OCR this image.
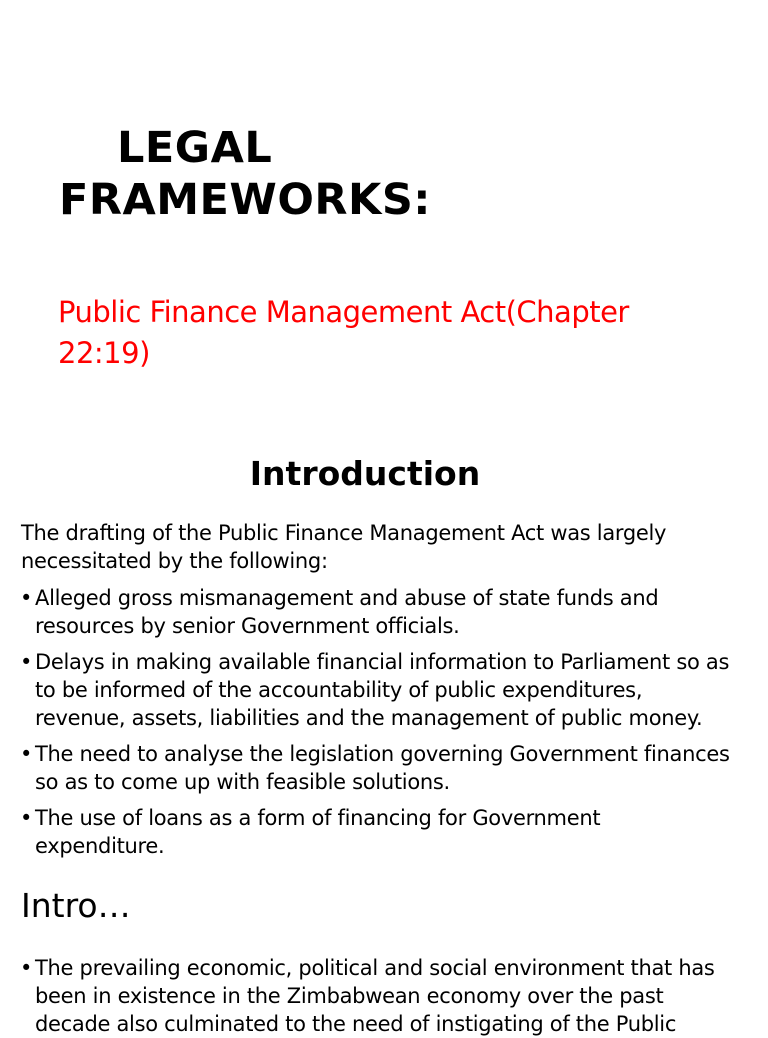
LEGAL
FRAMEWORKS:

Public Finance Management Act(Chapter
22:19)

Introduction

The drafting of the Public Finance Management Act was largely
necessitated by the following:

• Alleged gross mismanagement and abuse of state funds and
resources by senior Government officials.
• Delays in making available financial information to Parliament so as
to be informed of the accountability of public expenditures,
revenue, assets, liabilities and the management of public money.
• The need to analyse the legislation governing Government finances
so as to come up with feasible solutions.
• The use of loans as a form of financing for Government
expenditure.
Intro…
• The prevailing economic, political and social environment that has
been in existence in the Zimbabwean economy over the past
decade also culminated to the need of instigating of the Public
